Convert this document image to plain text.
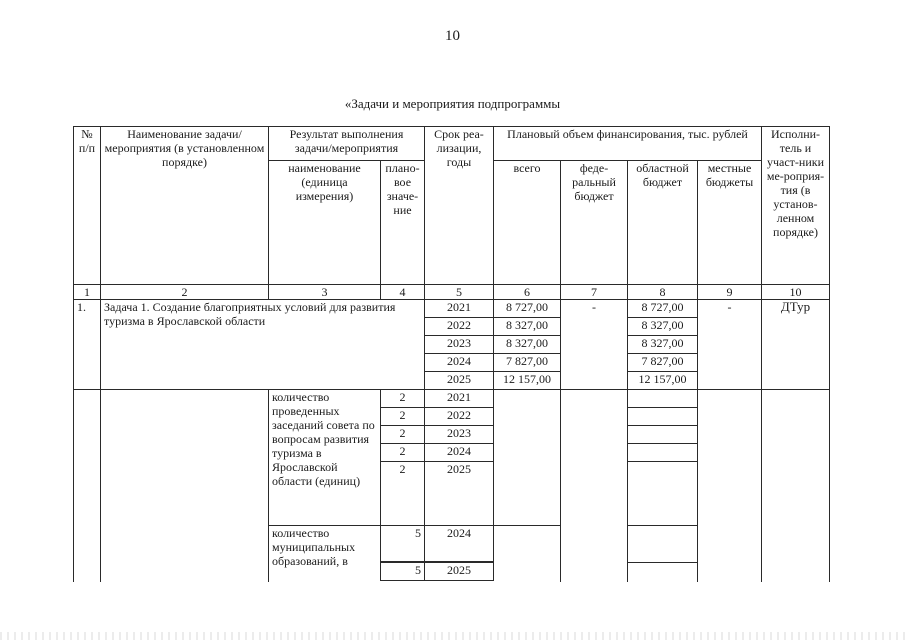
10
«Задачи и мероприятия подпрограммы
№ п/п	Наименование задачи/мероприятия (в установленном порядке)	Результат выполнения задачи/мероприятия		Срок реа-лизации, годы	Плановый объем финансирования, тыс. рублей				Исполни-тель и участ-ники ме-роприя-тия (в установ-ленном порядке)
		наименование (единица измерения)	плано-вое значе-ние		всего	феде-ральный бюджет	областной бюджет	местные бюджеты	
1	2	3	4	5	6	7	8	9	10
1.	Задача 1. Создание благоприятных условий для развития туризма в Ярославской области			2021	8 727,00	-	8 727,00	-	ДТур
				2022	8 327,00		8 327,00		
				2023	8 327,00		8 327,00		
				2024	7 827,00		7 827,00		
				2025	12 157,00		12 157,00		
		количество проведенных заседаний совета по вопросам развития туризма в Ярославской области (единиц)	2	2021					
			2	2022					
			2	2023					
			2	2024					
			2	2025					
		количество муниципальных образований, в	5	2024					

			5	2025					
